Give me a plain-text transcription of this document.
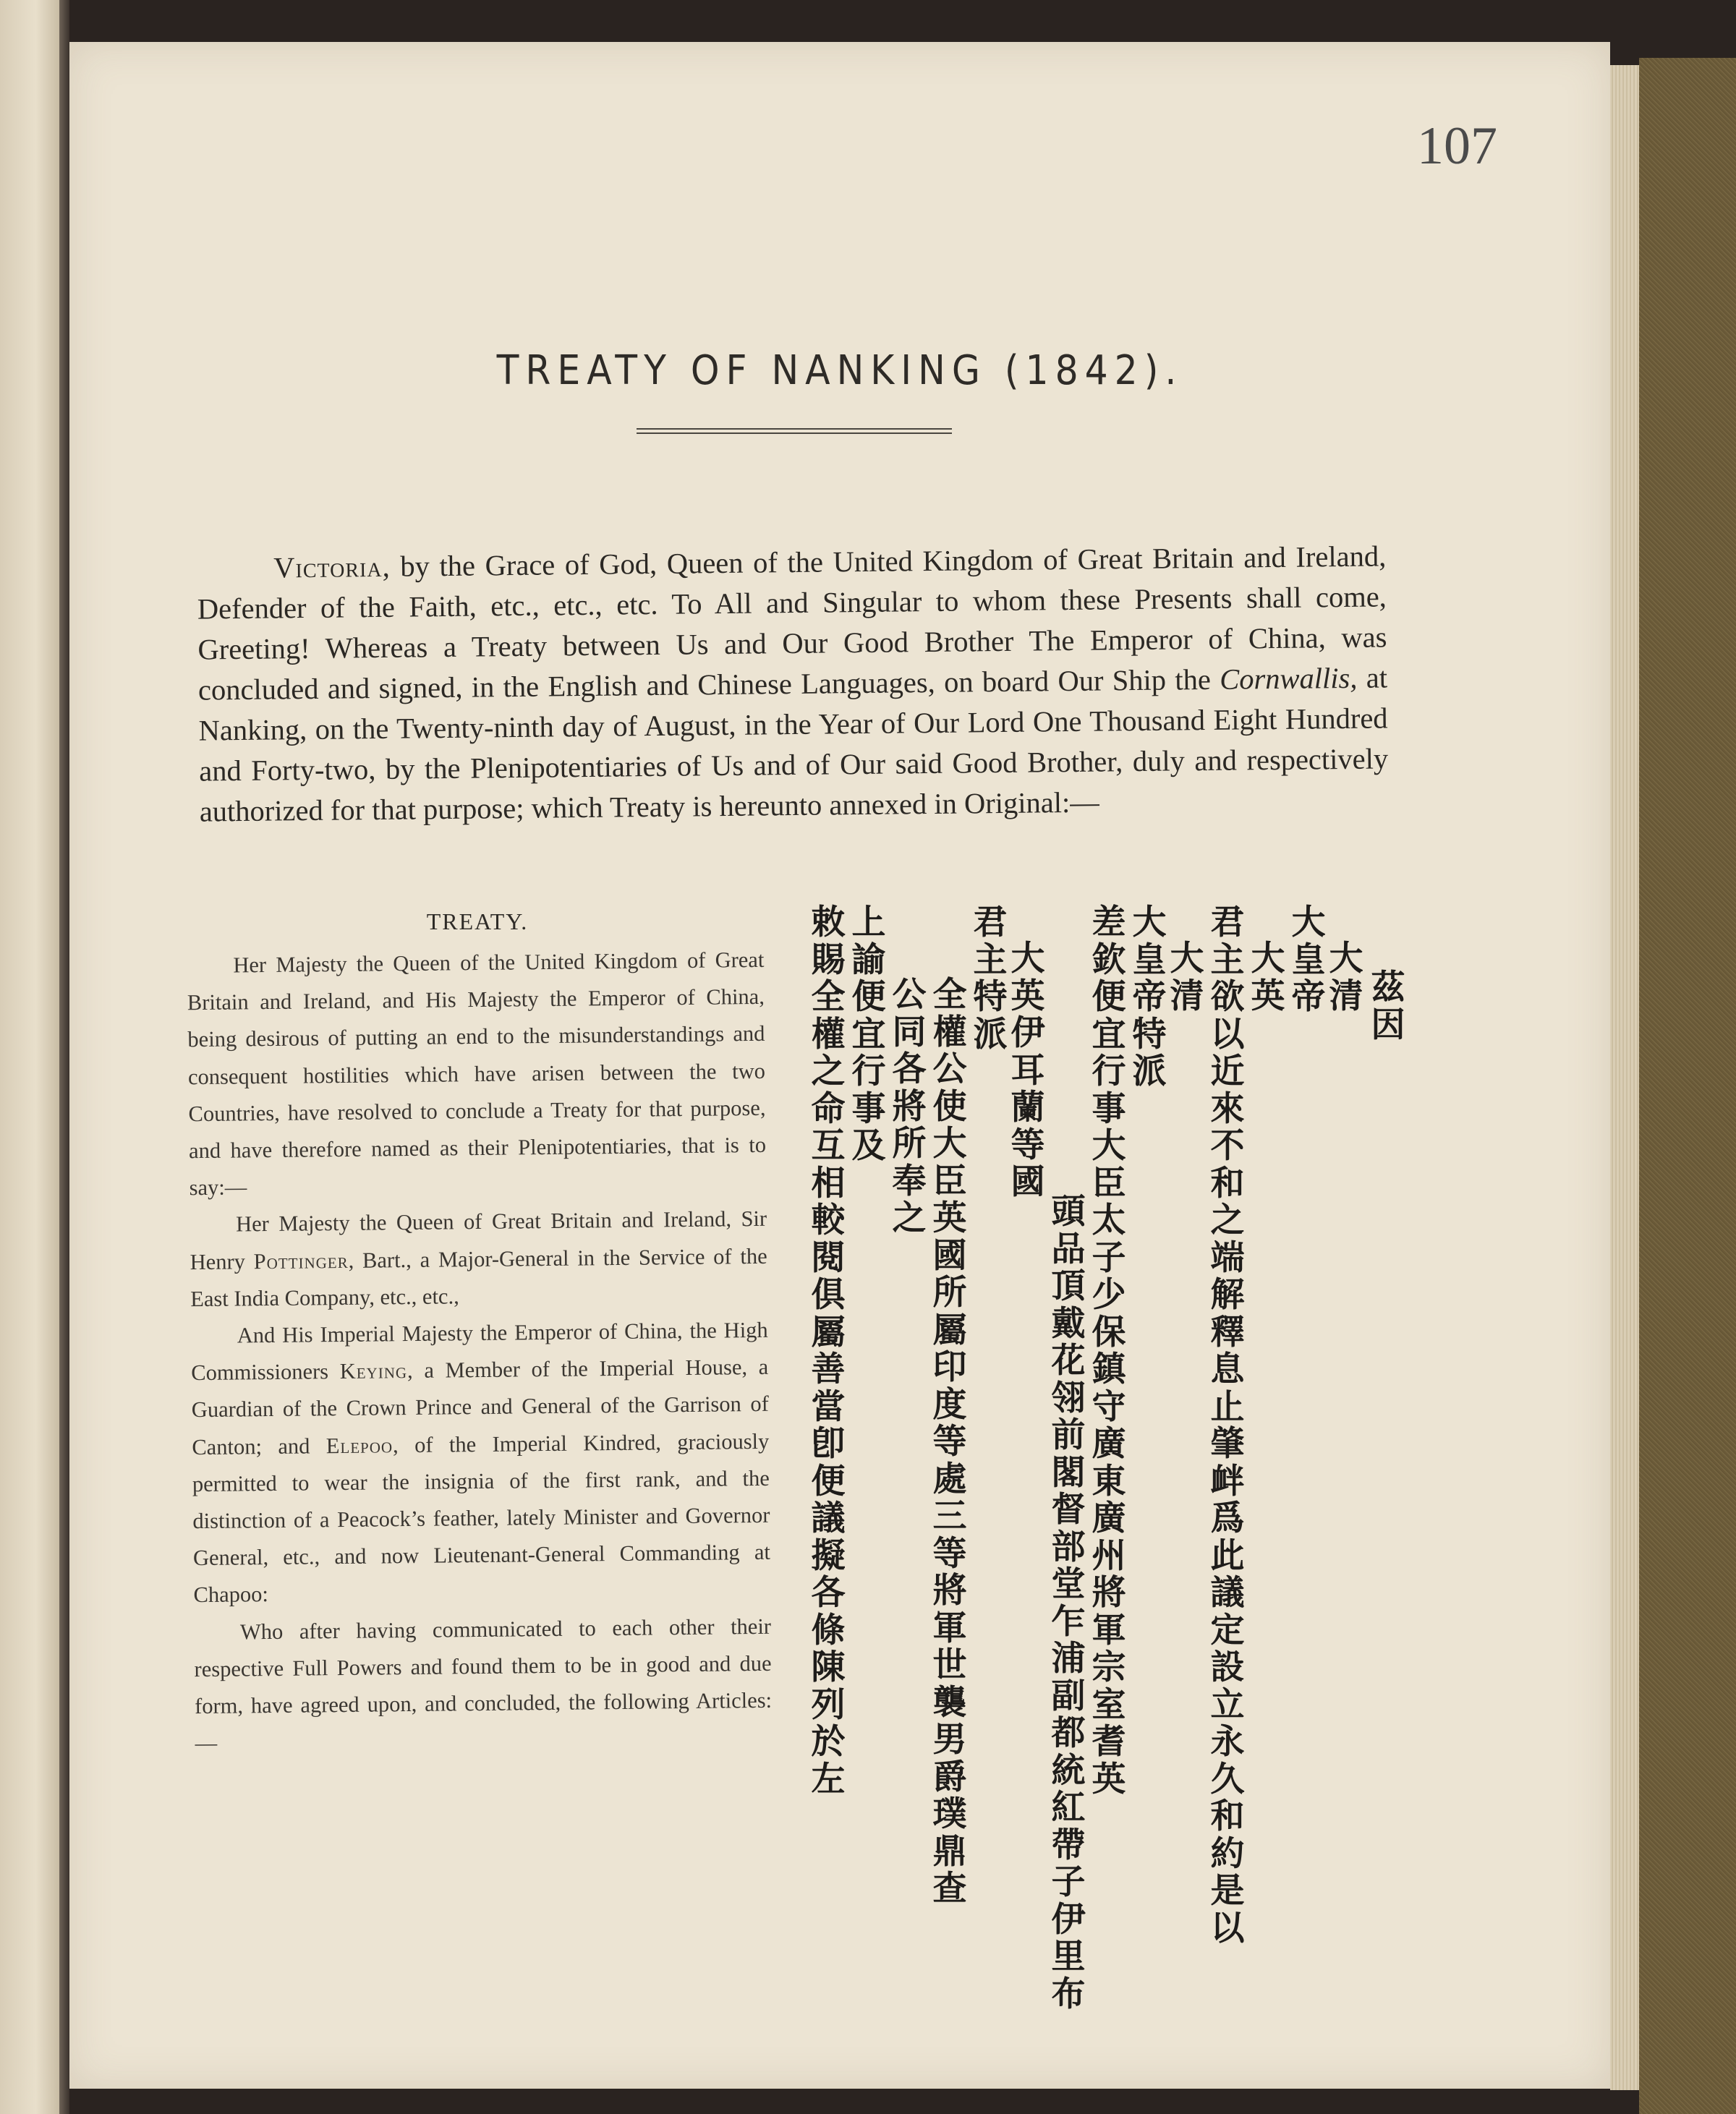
107
TREATY OF NANKING (1842).

Victoria, by the Grace of God, Queen of the United Kingdom of Great Britain and Ireland, Defender of the Faith, etc., etc., etc. To All and Singular to whom these Presents shall come, Greeting! Whereas a Treaty between Us and Our Good Brother The Emperor of China, was concluded and signed, in the English and Chinese Languages, on board Our Ship the Cornwallis, at Nanking, on the Twenty-ninth day of August, in the Year of Our Lord One Thousand Eight Hundred and Forty-two, by the Plenipotentiaries of Us and of Our said Good Brother, duly and respectively authorized for that purpose; which Treaty is hereunto annexed in Original:—

TREATY.

Her Majesty the Queen of the United Kingdom of Great Britain and Ireland, and His Majesty the Emperor of China, being desirous of putting an end to the misunderstandings and consequent hostilities which have arisen between the two Countries, have resolved to conclude a Treaty for that purpose, and have therefore named as their Plenipotentiaries, that is to say:—

Her Majesty the Queen of Great Britain and Ireland, Sir Henry Pottinger, Bart., a Major-General in the Service of the East India Company, etc., etc.,

And His Imperial Majesty the Emperor of China, the High Commissioners Keying, a Member of the Imperial House, a Guardian of the Crown Prince and General of the Garrison of Canton; and Elepoo, of the Imperial Kindred, graciously permitted to wear the insignia of the first rank, and the distinction of a Peacock’s feather, lately Minister and Governor General, etc., and now Lieutenant-General Commanding at Chapoo:

Who after having communicated to each other their respective Full Powers and found them to be in good and due form, have agreed upon, and concluded, the following Articles:—

茲因
大清
大皇帝
大英
君主欲以近來不和之端解釋息止肇衅爲此議定設立永久和約是以
大清
大皇帝特派
差欽便宜行事大臣太子少保鎮守廣東廣州將軍宗室耆英
頭品頂戴花翎前閣督部堂乍浦副都統紅帶子伊里布
大英伊耳蘭等國
君主特派
全權公使大臣英國所屬印度等處三等將軍世襲男爵璞鼎查
公同各將所奉之
上諭便宜行事及
敕賜全權之命互相較閱俱屬善當卽便議擬各條陳列於左
